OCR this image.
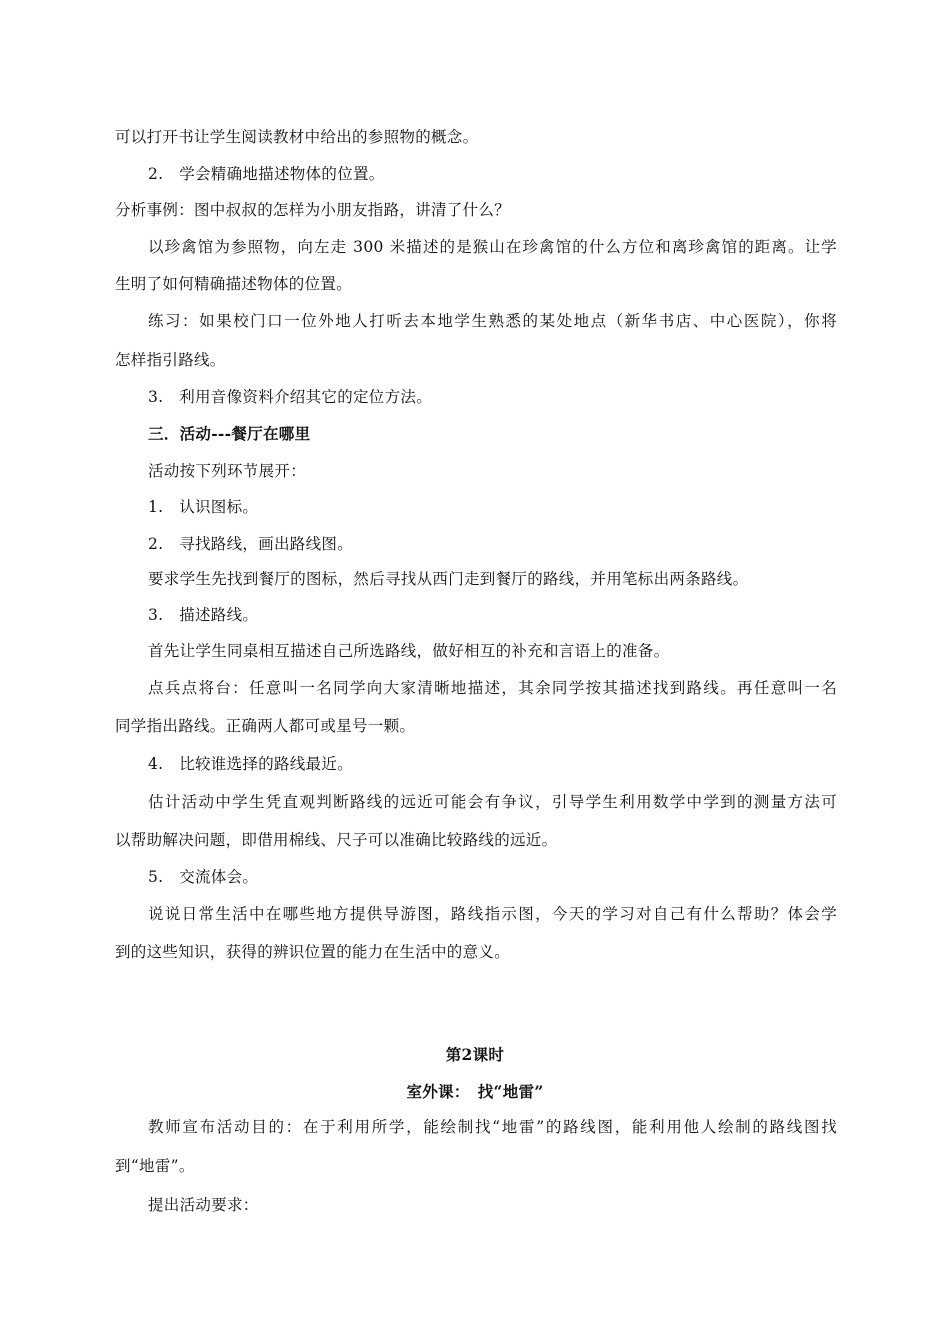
可以打开书让学生阅读教材中给出的参照物的概念。
2.　学会精确地描述物体的位置。
分析事例：图中叔叔的怎样为小朋友指路，讲清了什么？
以珍禽馆为参照物，向左走 300 米描述的是猴山在珍禽馆的什么方位和离珍禽馆的距离。让学
生明了如何精确描述物体的位置。
练习：如果校门口一位外地人打听去本地学生熟悉的某处地点（新华书店、中心医院），你将
怎样指引路线。
3.　利用音像资料介绍其它的定位方法。
三．活动---餐厅在哪里
活动按下列环节展开：
1.　认识图标。
2.　寻找路线，画出路线图。
要求学生先找到餐厅的图标，然后寻找从西门走到餐厅的路线，并用笔标出两条路线。
3.　描述路线。
首先让学生同桌相互描述自己所选路线，做好相互的补充和言语上的准备。
点兵点将台：任意叫一名同学向大家清晰地描述，其余同学按其描述找到路线。再任意叫一名
同学指出路线。正确两人都可或星号一颗。
4.　比较谁选择的路线最近。
估计活动中学生凭直观判断路线的远近可能会有争议，引导学生利用数学中学到的测量方法可
以帮助解决问题，即借用棉线、尺子可以准确比较路线的远近。
5.　交流体会。
说说日常生活中在哪些地方提供导游图，路线指示图，今天的学习对自己有什么帮助？体会学
到的这些知识，获得的辨识位置的能力在生活中的意义。
第2课时
室外课：　找“地雷”
教师宣布活动目的：在于利用所学，能绘制找“地雷”的路线图，能利用他人绘制的路线图找
到“地雷”。
提出活动要求：
